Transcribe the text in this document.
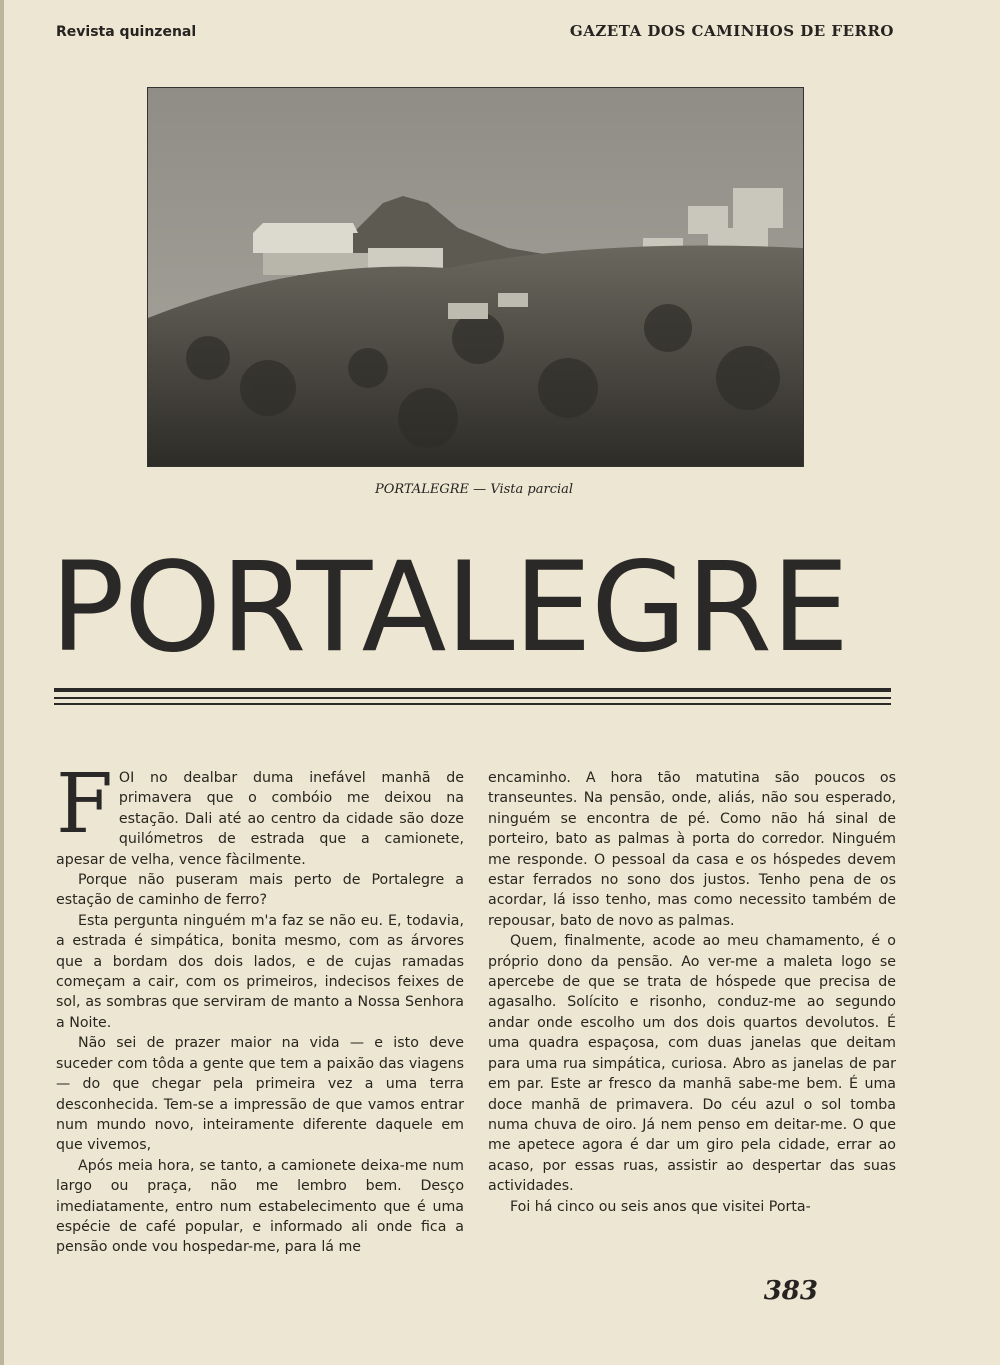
Revista quinzenal	GAZETA DOS CAMINHOS DE FERRO
PORTALEGRE — Vista parcial
PORTALEGRE

FOI no dealbar duma inefável manhã de primavera que o combóio me deixou na estação. Dali até ao centro da cidade são doze quilómetros de estrada que a camionete, apesar de velha, vence fàcilmente.

Porque não puseram mais perto de Portalegre a estação de caminho de ferro?

Esta pergunta ninguém m'a faz se não eu. E, todavia, a estrada é simpática, bonita mesmo, com as árvores que a bordam dos dois lados, e de cujas ramadas começam a cair, com os primeiros, indecisos feixes de sol, as sombras que serviram de manto a Nossa Senhora a Noite.

Não sei de prazer maior na vida — e isto deve suceder com tôda a gente que tem a paixão das viagens — do que chegar pela primeira vez a uma terra desconhecida. Tem-se a impressão de que vamos entrar num mundo novo, inteiramente diferente daquele em que vivemos,

Após meia hora, se tanto, a camionete deixa-me num largo ou praça, não me lembro bem. Desço imediatamente, entro num estabelecimento que é uma espécie de café popular, e informado ali onde fica a pensão onde vou hospedar-me, para lá me

encaminho. A hora tão matutina são poucos os transeuntes. Na pensão, onde, aliás, não sou esperado, ninguém se encontra de pé. Como não há sinal de porteiro, bato as palmas à porta do corredor. Ninguém me responde. O pessoal da casa e os hóspedes devem estar ferrados no sono dos justos. Tenho pena de os acordar, lá isso tenho, mas como necessito também de repousar, bato de novo as palmas.

Quem, finalmente, acode ao meu chamamento, é o próprio dono da pensão. Ao ver-me a maleta logo se apercebe de que se trata de hóspede que precisa de agasalho. Solícito e risonho, conduz-me ao segundo andar onde escolho um dos dois quartos devolutos. É uma quadra espaçosa, com duas janelas que deitam para uma rua simpática, curiosa. Abro as janelas de par em par. Este ar fresco da manhã sabe-me bem. É uma doce manhã de primavera. Do céu azul o sol tomba numa chuva de oiro. Já nem penso em deitar-me. O que me apetece agora é dar um giro pela cidade, errar ao acaso, por essas ruas, assistir ao despertar das suas actividades.

Foi há cinco ou seis anos que visitei Porta-

383
